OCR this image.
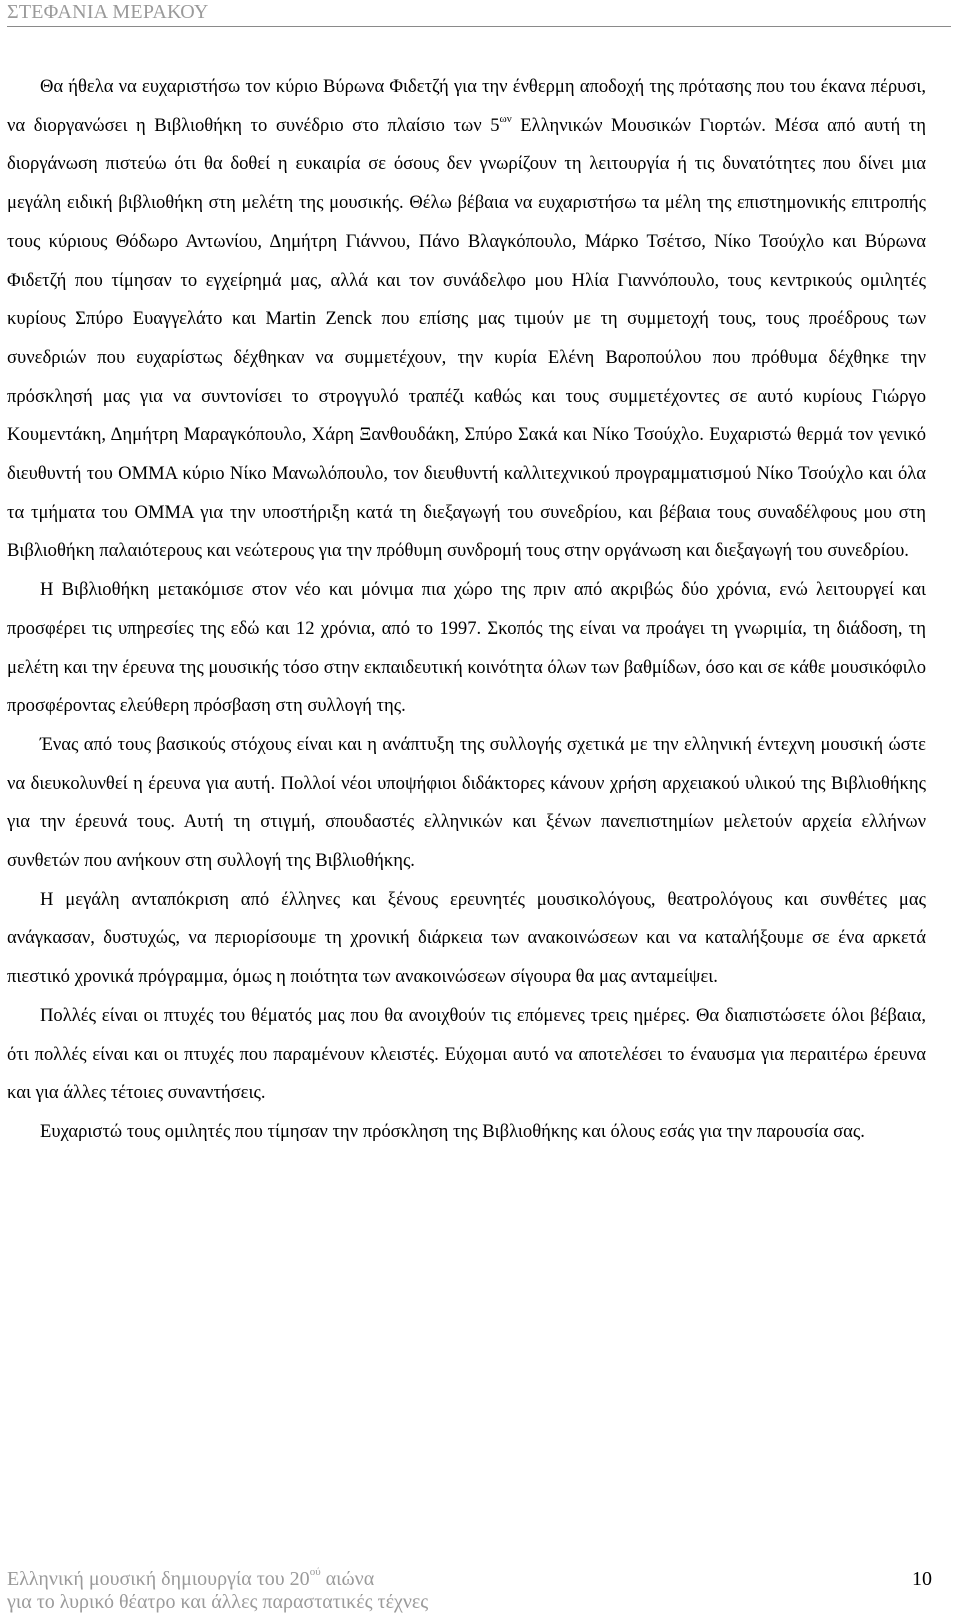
ΣΤΕΦΑΝΙΑ ΜΕΡΑΚΟΥ

Θα ήθελα να ευχαριστήσω τον κύριο Βύρωνα Φιδετζή για την ένθερμη αποδοχή της πρότασης που του έκανα πέρυσι, να διοργανώσει η Βιβλιοθήκη το συνέδριο στο πλαίσιο των $5^{\omega\nu}$ Ελληνικών Μουσικών Γιορτών. Μέσα από αυτή τη διοργάνωση πιστεύω ότι θα δοθεί η ευκαιρία σε όσους δεν γνωρίζουν τη λειτουργία ή τις δυνατότητες που δίνει μια μεγάλη ειδική βιβλιοθήκη στη μελέτη της μουσικής. Θέλω βέβαια να ευχαριστήσω τα μέλη της επιστημονικής επιτροπής τους κύριους Θόδωρο Αντωνίου, Δημήτρη Γιάννου, Πάνο Βλαγκόπουλο, Μάρκο Τσέτσο, Νίκο Τσούχλο και Βύρωνα Φιδετζή που τίμησαν το εγχείρημά μας, αλλά και τον συνάδελφο μου Ηλία Γιαννόπουλο, τους κεντρικούς ομιλητές κυρίους Σπύρο Ευαγγελάτο και Martin Zenck που επίσης μας τιμούν με τη συμμετοχή τους, τους προέδρους των συνεδριών που ευχαρίστως δέχθηκαν να συμμετέχουν, την κυρία Ελένη Βαροπούλου που πρόθυμα δέχθηκε την πρόσκλησή μας για να συντονίσει το στρογγυλό τραπέζι καθώς και τους συμμετέχοντες σε αυτό κυρίους Γιώργο Κουμεντάκη, Δημήτρη Μαραγκόπουλο, Χάρη Ξανθουδάκη, Σπύρο Σακά και Νίκο Τσούχλο. Ευχαριστώ θερμά τον γενικό διευθυντή του ΟΜΜΑ κύριο Νίκο Μανωλόπουλο, τον διευθυντή καλλιτεχνικού προγραμματισμού Νίκο Τσούχλο και όλα τα τμήματα του ΟΜΜΑ για την υποστήριξη κατά τη διεξαγωγή του συνεδρίου, και βέβαια τους συναδέλφους μου στη Βιβλιοθήκη παλαιότερους και νεώτερους για την πρόθυμη συνδρομή τους στην οργάνωση και διεξαγωγή του συνεδρίου.

Η Βιβλιοθήκη μετακόμισε στον νέο και μόνιμα πια χώρο της πριν από ακριβώς δύο χρόνια, ενώ λειτουργεί και προσφέρει τις υπηρεσίες της εδώ και 12 χρόνια, από το 1997. Σκοπός της είναι να προάγει τη γνωριμία, τη διάδοση, τη μελέτη και την έρευνα της μουσικής τόσο στην εκπαιδευτική κοινότητα όλων των βαθμίδων, όσο και σε κάθε μουσικόφιλο προσφέροντας ελεύθερη πρόσβαση στη συλλογή της.

Ένας από τους βασικούς στόχους είναι και η ανάπτυξη της συλλογής σχετικά με την ελληνική έντεχνη μουσική ώστε να διευκολυνθεί η έρευνα για αυτή. Πολλοί νέοι υποψήφιοι διδάκτορες κάνουν χρήση αρχειακού υλικού της Βιβλιοθήκης για την έρευνά τους. Αυτή τη στιγμή, σπουδαστές ελληνικών και ξένων πανεπιστημίων μελετούν αρχεία ελλήνων συνθετών που ανήκουν στη συλλογή της Βιβλιοθήκης.

Η μεγάλη ανταπόκριση από έλληνες και ξένους ερευνητές μουσικολόγους, θεατρολόγους και συνθέτες μας ανάγκασαν, δυστυχώς, να περιορίσουμε τη χρονική διάρκεια των ανακοινώσεων και να καταλήξουμε σε ένα αρκετά πιεστικό χρονικά πρόγραμμα, όμως η ποιότητα των ανακοινώσεων σίγουρα θα μας ανταμείψει.

Πολλές είναι οι πτυχές του θέματός μας που θα ανοιχθούν τις επόμενες τρεις ημέρες. Θα διαπιστώσετε όλοι βέβαια, ότι πολλές είναι και οι πτυχές που παραμένουν κλειστές. Εύχομαι αυτό να αποτελέσει το έναυσμα για περαιτέρω έρευνα και για άλλες τέτοιες συναντήσεις.

Ευχαριστώ τους ομιλητές που τίμησαν την πρόσκληση της Βιβλιοθήκης και όλους εσάς για την παρουσία σας.

Ελληνική μουσική δημιουργία του $20^{oύ}$ αιώνα
για το λυρικό θέατρο και άλλες παραστατικές τέχνες
10
